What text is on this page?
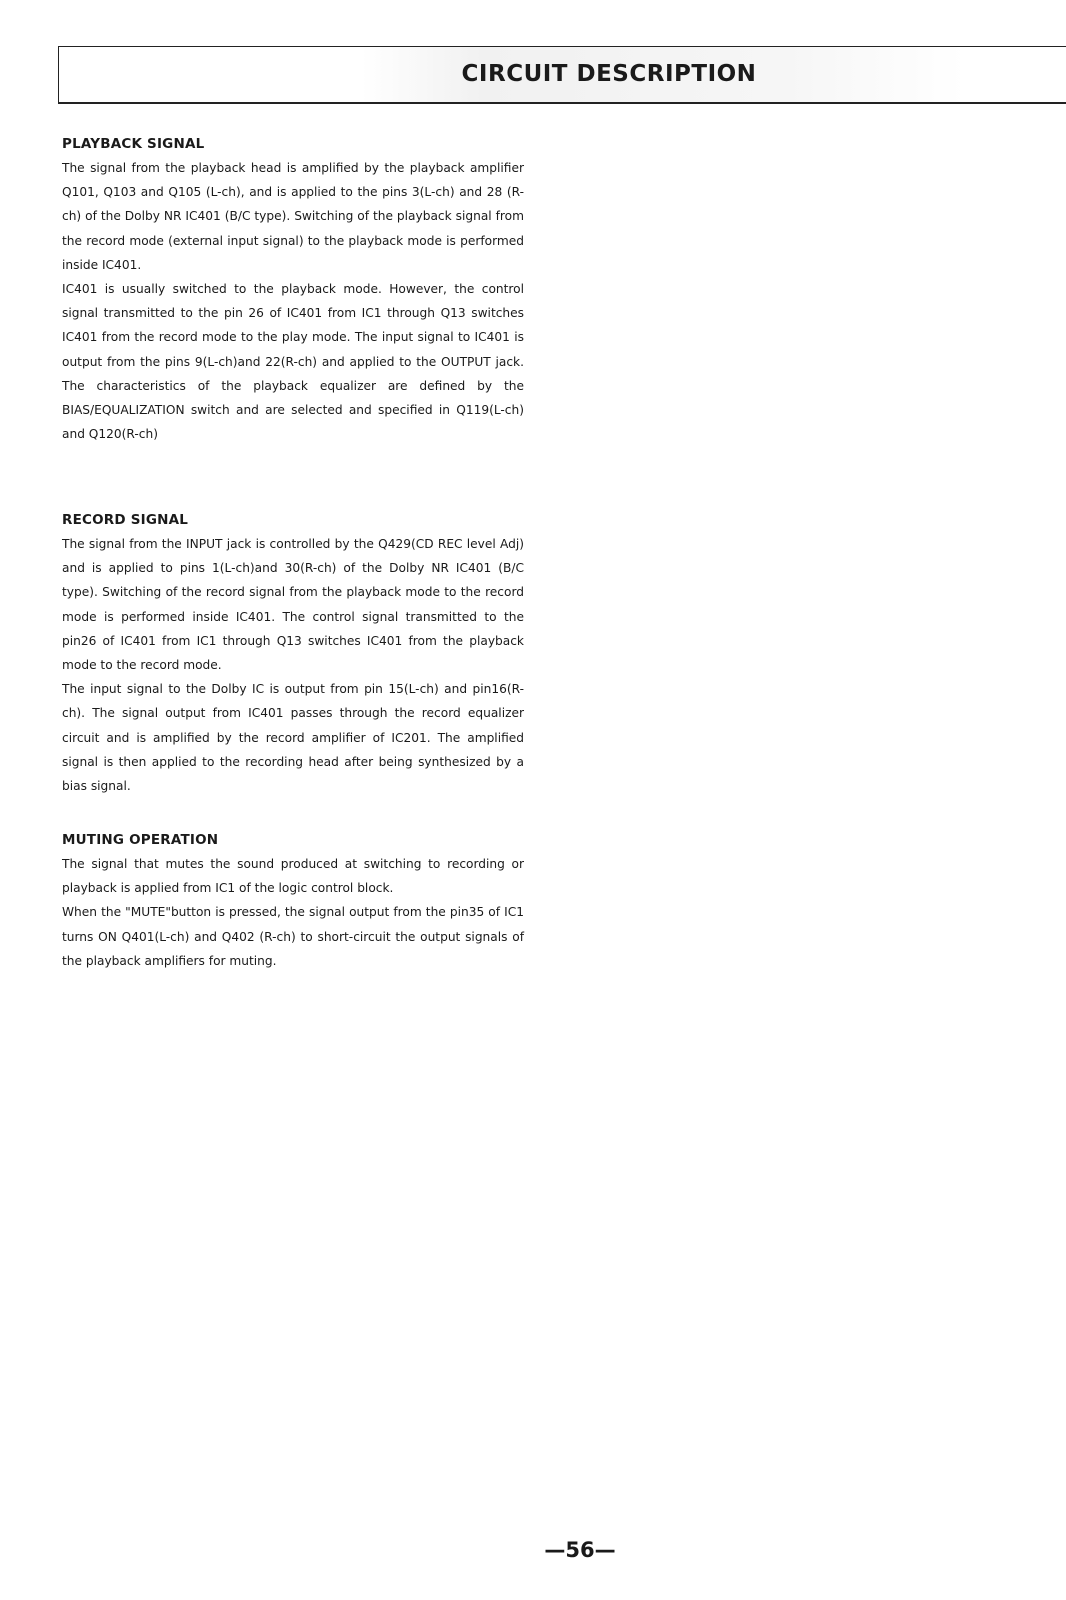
CIRCUIT DESCRIPTION
PLAYBACK SIGNAL

The signal from the playback head is amplified by the playback amplifier Q101, Q103 and Q105 (L-ch), and is applied to the pins 3(L-ch) and 28 (R-ch) of the Dolby NR IC401 (B/C type). Switching of the playback signal from the record mode (external input signal) to the playback mode is performed inside IC401.

IC401 is usually switched to the playback mode. However, the control signal transmitted to the pin 26 of IC401 from IC1 through Q13 switches IC401 from the record mode to the play mode. The input signal to IC401 is output from the pins 9(L-ch)and 22(R-ch) and applied to the OUTPUT jack. The characteristics of the playback equalizer are defined by the BIAS/EQUALIZATION switch and are selected and specified in Q119(L-ch) and Q120(R-ch)

RECORD SIGNAL

The signal from the INPUT jack is controlled by the Q429(CD REC level Adj) and is applied to pins 1(L-ch)and 30(R-ch) of the Dolby NR IC401 (B/C type). Switching of the record signal from the playback mode to the record mode is performed inside IC401. The control signal transmitted to the pin26 of IC401 from IC1 through Q13 switches IC401 from the playback mode to the record mode.

The input signal to the Dolby IC is output from pin 15(L-ch) and pin16(R-ch). The signal output from IC401 passes through the record equalizer circuit and is amplified by the record amplifier of IC201. The amplified signal is then applied to the recording head after being synthesized by a bias signal.

MUTING OPERATION

The signal that mutes the sound produced at switching to recording or playback is applied from IC1 of the logic control block.

When the "MUTE"button is pressed, the signal output from the pin35 of IC1 turns ON Q401(L-ch) and Q402 (R-ch) to short-circuit the output signals of the playback amplifiers for muting.

—56—
